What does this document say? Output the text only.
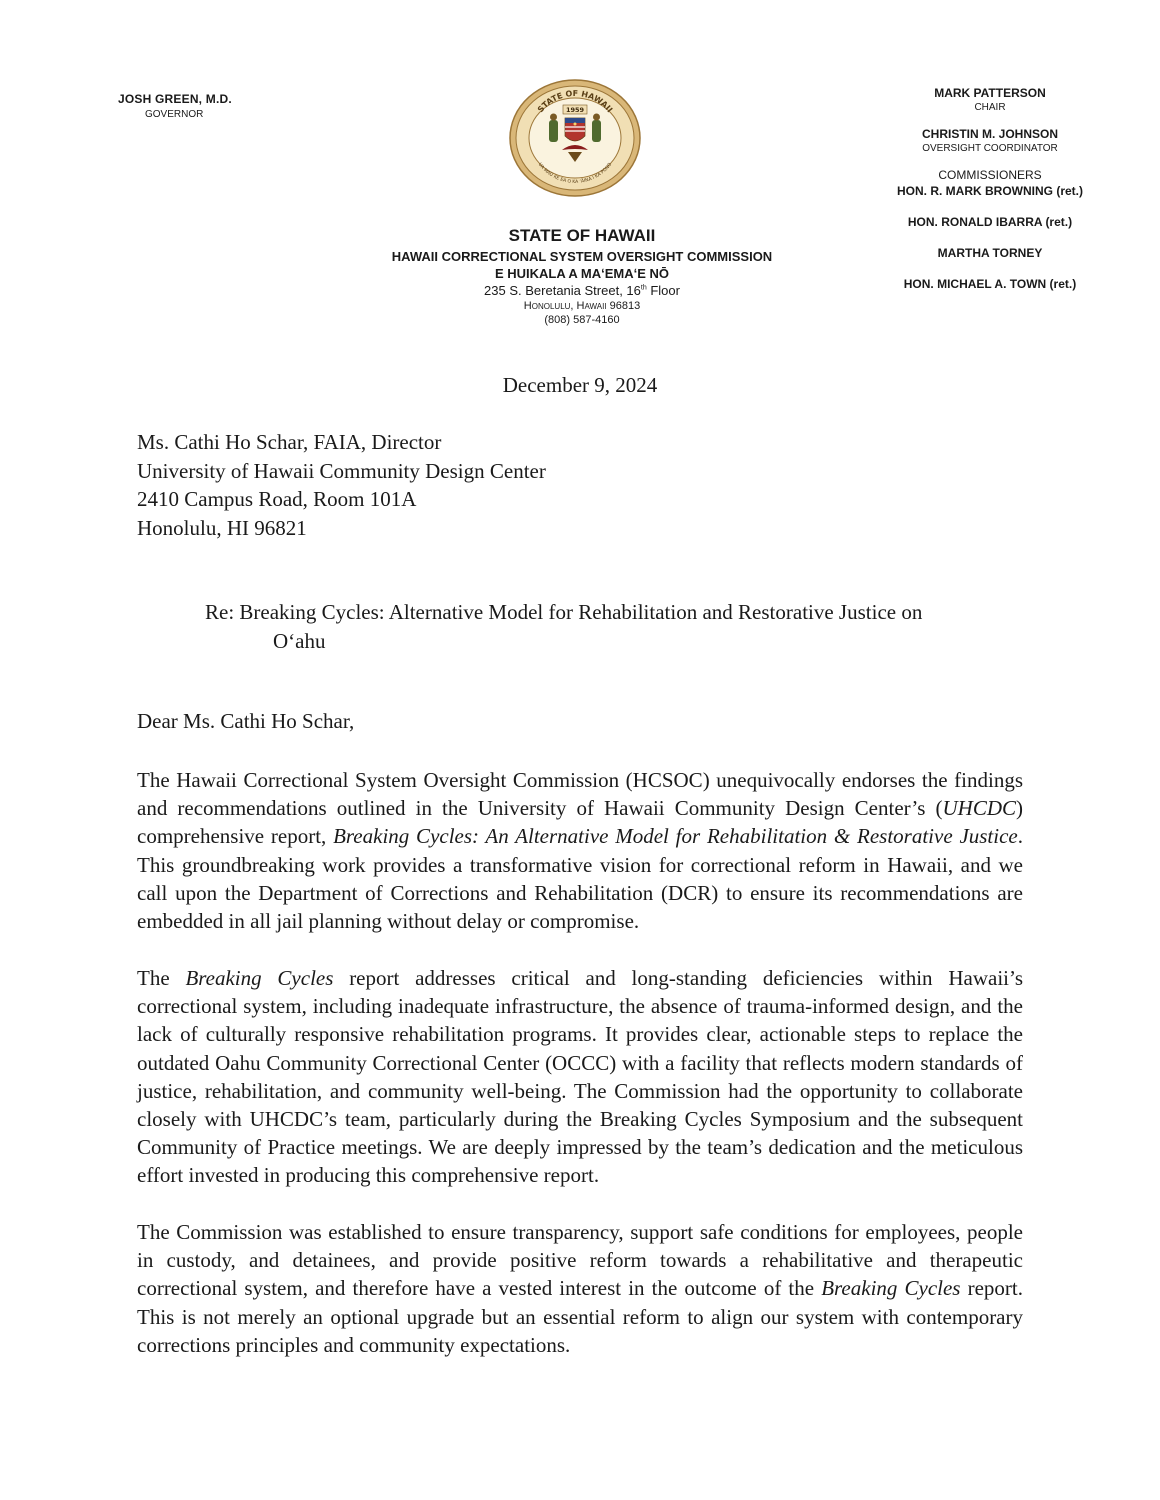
JOSH GREEN, M.D.
GOVERNOR	STATE OF HAWAII
UA MAU KE EA O KA ʻĀINA I KA PONO
1959
STATE OF HAWAII
HAWAII CORRECTIONAL SYSTEM OVERSIGHT COMMISSION
E HUIKALA A MAʻEMAʻE NŌ
235 S. Beretania Street, 16th Floor
Honolulu, Hawaii 96813
(808) 587-4160
MARK PATTERSON
CHAIR
CHRISTIN M. JOHNSON
OVERSIGHT COORDINATOR
COMMISSIONERS
HON. R. MARK BROWNING (ret.)
HON. RONALD IBARRA (ret.)
MARTHA TORNEY
HON. MICHAEL A. TOWN (ret.)
December 9, 2024
Ms. Cathi Ho Schar, FAIA, Director
University of Hawaii Community Design Center
2410 Campus Road, Room 101A
Honolulu, HI 96821
Re: Breaking Cycles: Alternative Model for Rehabilitation and Restorative Justice on
Oʻahu
Dear Ms. Cathi Ho Schar,
The Hawaii Correctional System Oversight Commission (HCSOC) unequivocally endorses the findings and recommendations outlined in the University of Hawaii Community Design Center’s (UHCDC) comprehensive report, Breaking Cycles: An Alternative Model for Rehabilitation & Restorative Justice. This groundbreaking work provides a transformative vision for correctional reform in Hawaii, and we call upon the Department of Corrections and Rehabilitation (DCR) to ensure its recommendations are embedded in all jail planning without delay or compromise.
The Breaking Cycles report addresses critical and long-standing deficiencies within Hawaii’s correctional system, including inadequate infrastructure, the absence of trauma-informed design, and the lack of culturally responsive rehabilitation programs. It provides clear, actionable steps to replace the outdated Oahu Community Correctional Center (OCCC) with a facility that reflects modern standards of justice, rehabilitation, and community well-being. The Commission had the opportunity to collaborate closely with UHCDC’s team, particularly during the Breaking Cycles Symposium and the subsequent Community of Practice meetings. We are deeply impressed by the team’s dedication and the meticulous effort invested in producing this comprehensive report.
The Commission was established to ensure transparency, support safe conditions for employees, people in custody, and detainees, and provide positive reform towards a rehabilitative and therapeutic correctional system, and therefore have a vested interest in the outcome of the Breaking Cycles report. This is not merely an optional upgrade but an essential reform to align our system with contemporary corrections principles and community expectations.
